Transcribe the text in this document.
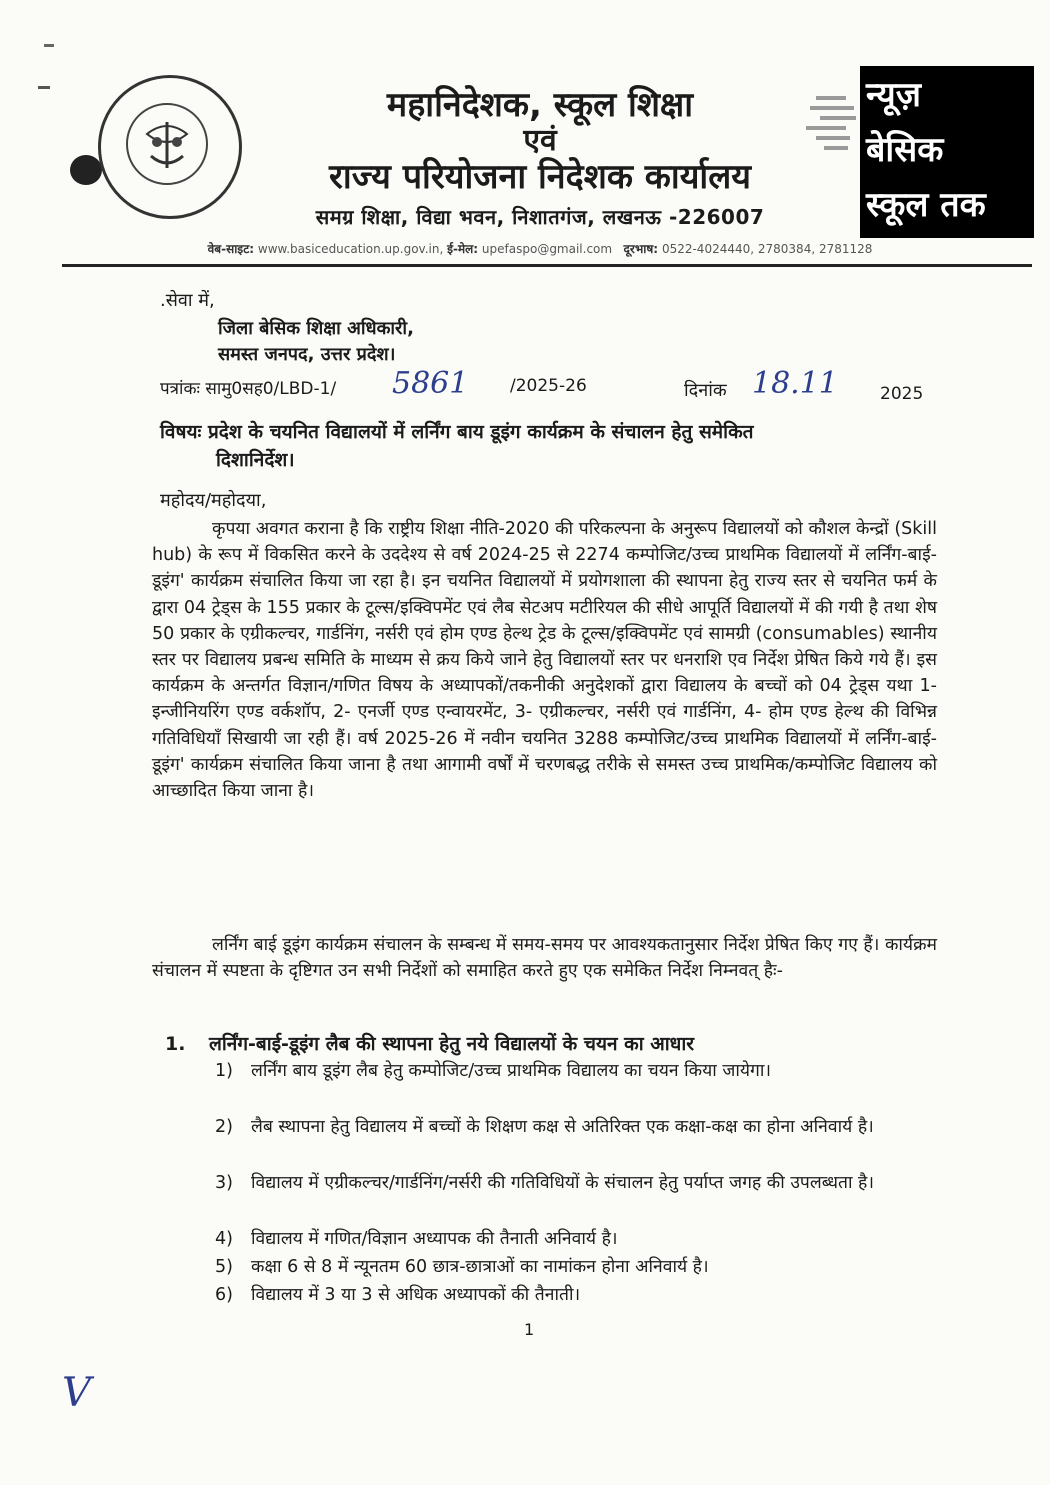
महानिदेशक, स्कूल शिक्षा
एवं
राज्य परियोजना निदेशक कार्यालय
समग्र शिक्षा, विद्या भवन, निशातगंज, लखनऊ -226007
वेब-साइट: www.basiceducation.up.gov.in, ई-मेल: upefaspo@gmail.com दूरभाष: 0522-4024440, 2780384, 2781128
न्यूज़
बेसिक
स्कूल तक
.सेवा में,
जिला बेसिक शिक्षा अधिकारी,
समस्त जनपद, उत्तर प्रदेश।
पत्रांकः सामु0सह0/LBD-1/ 5861 /2025-26	दिनांक 18.11 2025
विषयः प्रदेश के चयनित विद्यालयों में लर्निंग बाय डूइंग कार्यक्रम के संचालन हेतु समेकित
दिशानिर्देश।
महोदय/महोदया,
कृपया अवगत कराना है कि राष्ट्रीय शिक्षा नीति-2020 की परिकल्पना के अनुरूप विद्यालयों को कौशल केन्द्रों (Skill hub) के रूप में विकसित करने के उददेश्य से वर्ष 2024-25 से 2274 कम्पोजिट/उच्च प्राथमिक विद्यालयों में लर्निंग-बाई-डूइंग' कार्यक्रम संचालित किया जा रहा है। इन चयनित विद्यालयों में प्रयोगशाला की स्थापना हेतु राज्य स्तर से चयनित फर्म के द्वारा 04 ट्रेड्स के 155 प्रकार के टूल्स/इक्विपमेंट एवं लैब सेटअप मटीरियल की सीधे आपूर्ति विद्यालयों में की गयी है तथा शेष 50 प्रकार के एग्रीकल्चर, गार्डनिंग, नर्सरी एवं होम एण्ड हेल्थ ट्रेड के टूल्स/इक्विपमेंट एवं सामग्री (consumables) स्थानीय स्तर पर विद्यालय प्रबन्ध समिति के माध्यम से क्रय किये जाने हेतु विद्यालयों स्तर पर धनराशि एव निर्देश प्रेषित किये गये हैं। इस कार्यक्रम के अन्तर्गत विज्ञान/गणित विषय के अध्यापकों/तकनीकी अनुदेशकों द्वारा विद्यालय के बच्चों को 04 ट्रेड्स यथा 1- इन्जीनियरिंग एण्ड वर्कशॉप, 2- एनर्जी एण्ड एन्वायरमेंट, 3- एग्रीकल्चर, नर्सरी एवं गार्डनिंग, 4- होम एण्ड हेल्थ की विभिन्न गतिविधियाँ सिखायी जा रही हैं। वर्ष 2025-26 में नवीन चयनित 3288 कम्पोजिट/उच्च प्राथमिक विद्यालयों में लर्निंग-बाई-डूइंग' कार्यक्रम संचालित किया जाना है तथा आगामी वर्षों में चरणबद्ध तरीके से समस्त उच्च प्राथमिक/कम्पोजिट विद्यालय को आच्छादित किया जाना है।
लर्निंग बाई डूइंग कार्यक्रम संचालन के सम्बन्ध में समय-समय पर आवश्यकतानुसार निर्देश प्रेषित किए गए हैं। कार्यक्रम संचालन में स्पष्टता के दृष्टिगत उन सभी निर्देशों को समाहित करते हुए एक समेकित निर्देश निम्नवत् हैः-
1. लर्निंग-बाई-डूइंग लैब की स्थापना हेतु नये विद्यालयों के चयन का आधार
1)	लर्निंग बाय डूइंग लैब हेतु कम्पोजिट/उच्च प्राथमिक विद्यालय का चयन किया जायेगा।
2)	लैब स्थापना हेतु विद्यालय में बच्चों के शिक्षण कक्ष से अतिरिक्त एक कक्षा-कक्ष का होना अनिवार्य है।
3)	विद्यालय में एग्रीकल्चर/गार्डनिंग/नर्सरी की गतिविधियों के संचालन हेतु पर्याप्त जगह की उपलब्धता है।
4)	विद्यालय में गणित/विज्ञान अध्यापक की तैनाती अनिवार्य है।
5)	कक्षा 6 से 8 में न्यूनतम 60 छात्र-छात्राओं का नामांकन होना अनिवार्य है।
6)	विद्यालय में 3 या 3 से अधिक अध्यापकों की तैनाती।
1
V
